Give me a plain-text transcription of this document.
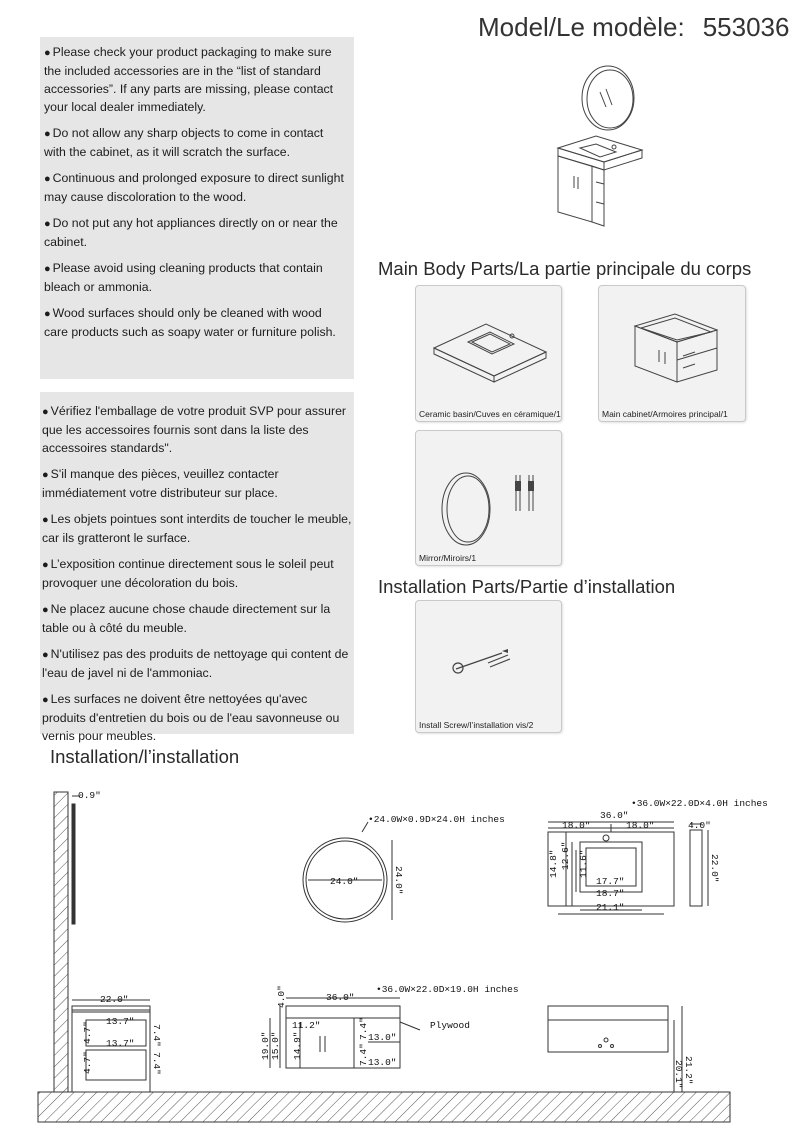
Model/Le modèle: 553036

● Please check your product packaging to make sure the included accessories are in the “list of standard accessories”. If any parts are missing, please contact your local dealer immediately.

● Do not allow any sharp objects to come in contact with the cabinet, as it will scratch the surface.

● Continuous and prolonged exposure to direct sunlight may cause discoloration to the wood.

● Do not put any hot appliances directly on or near the cabinet.

● Please avoid using cleaning products that contain bleach or ammonia.

● Wood surfaces should only be cleaned with wood care products such as soapy water or furniture polish.

● Vérifiez l'emballage de votre produit SVP pour assurer que les accessoires fournis sont dans la liste des accessoires standards".

● S'il manque des pièces, veuillez contacter immédiatement votre distributeur sur place.

● Les objets pointues sont interdits de toucher le meuble, car ils gratteront le surface.

● L’exposition continue directement sous le soleil peut provoquer une décoloration du bois.

● Ne placez aucune chose chaude directement sur la table ou à côté du meuble.

● N'utilisez pas des produits de nettoyage qui content de l'eau de javel ni de l'ammoniac.

● Les surfaces ne doivent être nettoyées qu'avec produits d'entretien du bois ou de l'eau savonneuse ou vernis pour meubles.

Main Body Parts/La partie principale du corps
Ceramic basin/Cuves en céramique/1	Main cabinet/Armoires principal/1
Mirror/Miroirs/1
Installation Parts/Partie d’installation
Install Screw/l’installation vis/2
Installation/l’installation
0.9"
•24.0W×0.9D×24.0H inches
24.0"
•36.0W×22.0D×4.0H inches
36.0"
18.0"	18.0"	4.0"
17.7"
18.7"
21.1"
•36.0W×22.0D×19.0H inches
36.0"
11.2"
13.0"
13.0"
Plywood
22.0"
13.7"
13.7"
24.0"	22.0"
14.8" 12.6" 11.6"
4.0"
19.0" 15.0" 14.9"
7.4"
7.4"
4.7"
4.7"
7.4"
7.4"	21.2"
20.1"
